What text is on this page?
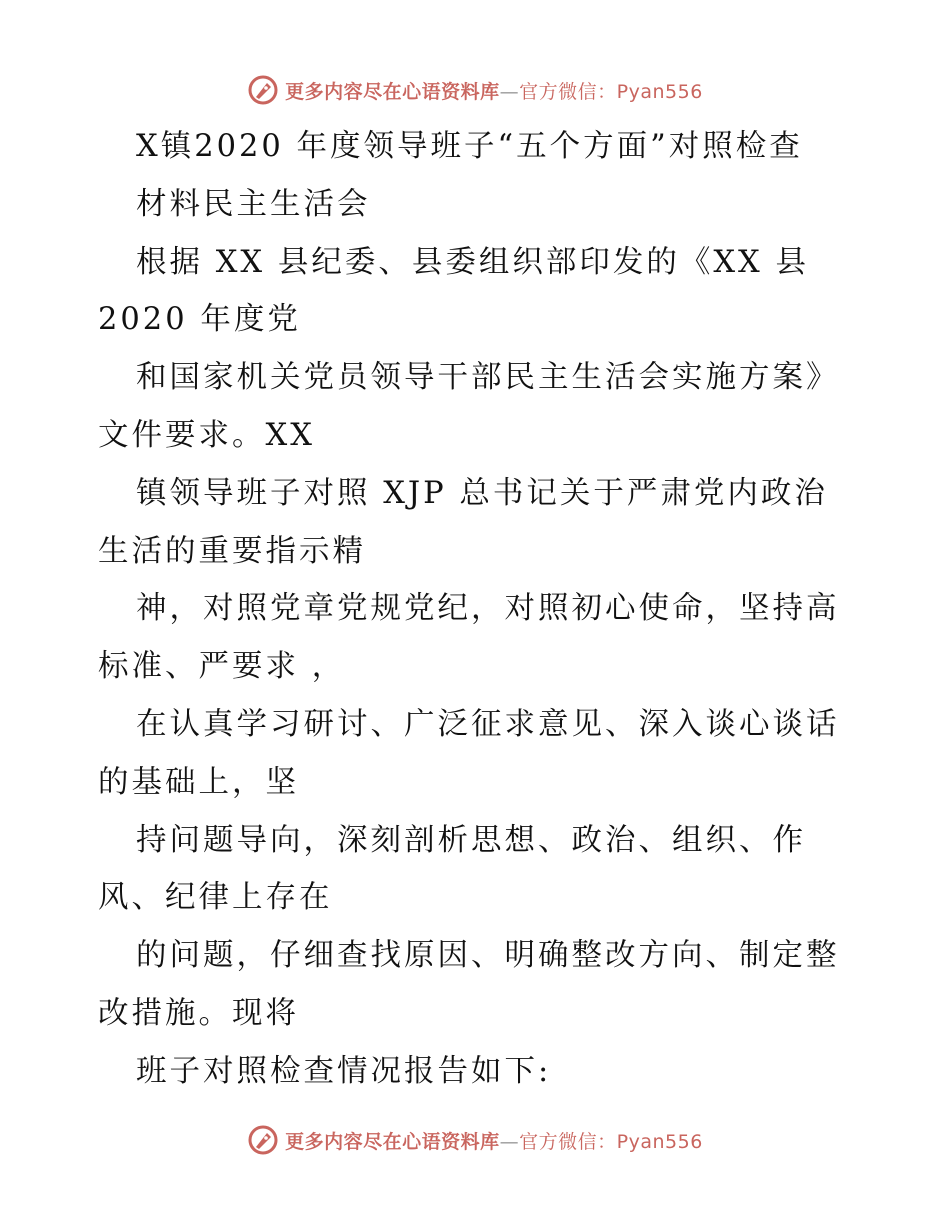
更多内容尽在心语资料库—官方微信：Pyan556
X镇2020 年度领导班子“五个方面”对照检查
材料民主生活会
根据 XX 县纪委、县委组织部印发的《XX 县
2020 年度党
和国家机关党员领导干部民主生活会实施方案》
文件要求。XX
镇领导班子对照 XJP 总书记关于严肃党内政治
生活的重要指示精
神，对照党章党规党纪，对照初心使命，坚持高
标准、严要求 ，
在认真学习研讨、广泛征求意见、深入谈心谈话
的基础上，坚
持问题导向，深刻剖析思想、政治、组织、作
风、纪律上存在
的问题，仔细查找原因、明确整改方向、制定整
改措施。现将
班子对照检查情况报告如下:
更多内容尽在心语资料库—官方微信：Pyan556
